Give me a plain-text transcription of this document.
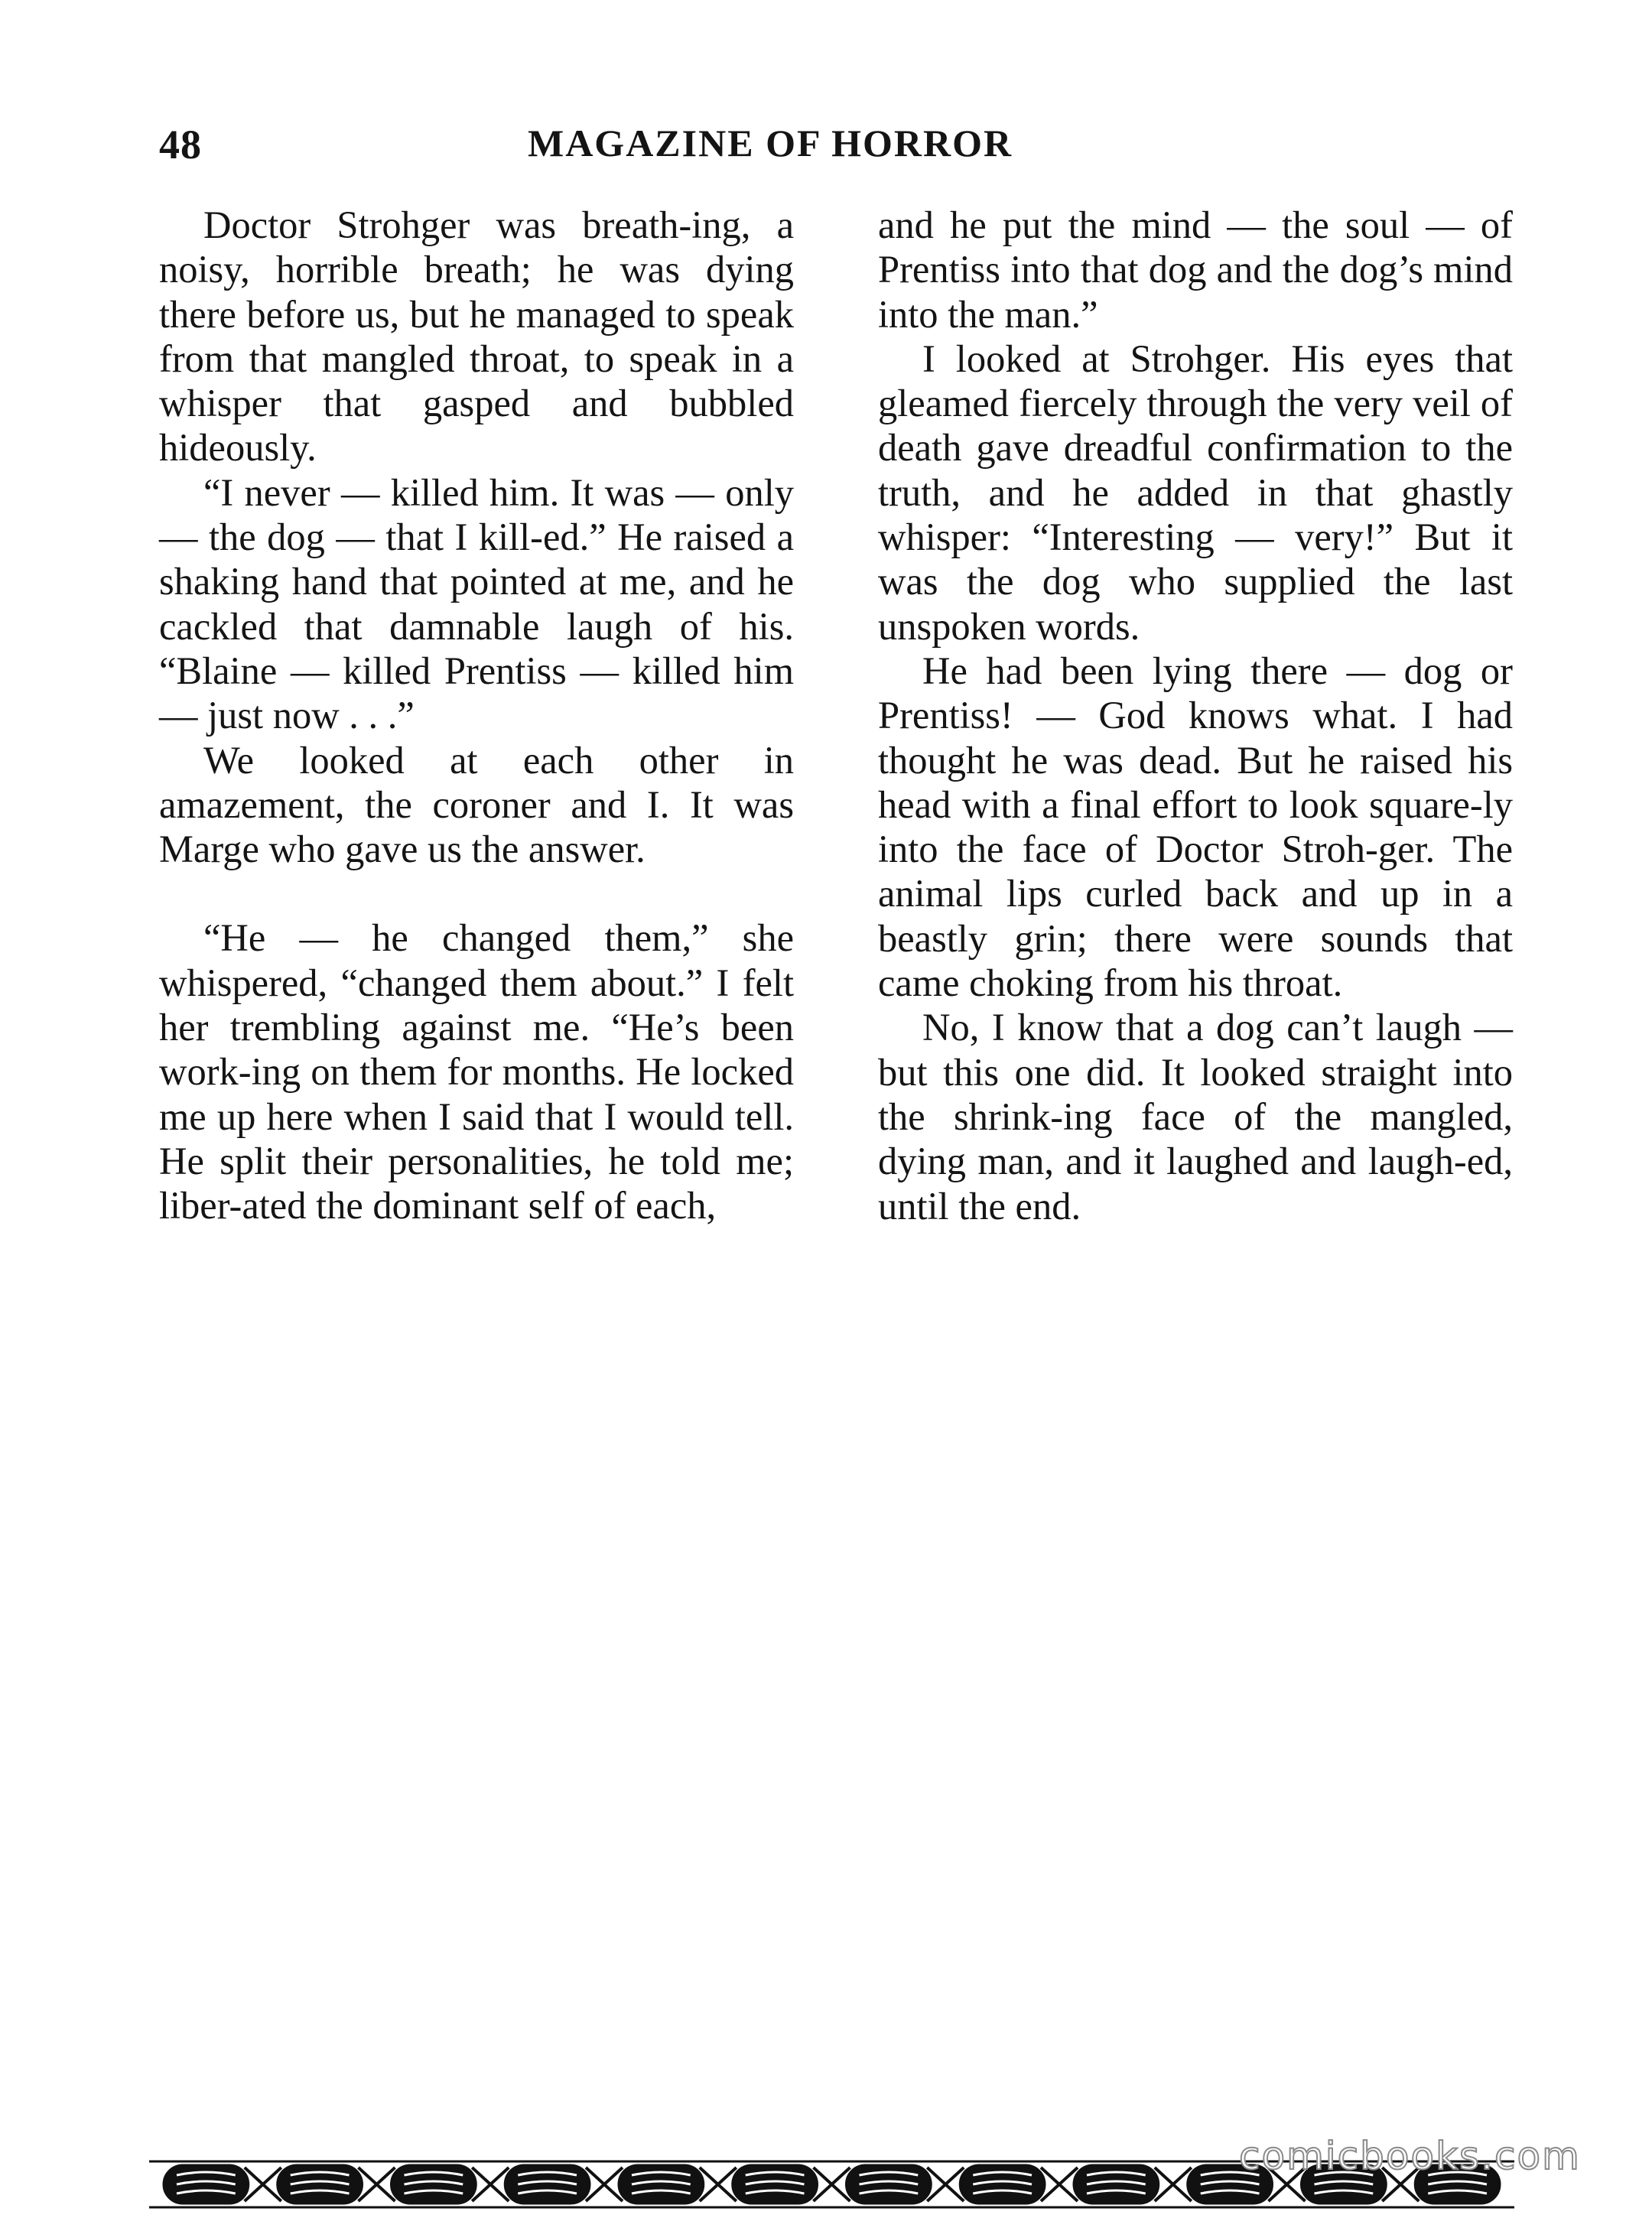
48	MAGAZINE OF HORROR

Doctor Strohger was breath-ing, a noisy, horrible breath; he was dying there before us, but he managed to speak from that mangled throat, to speak in a whisper that gasped and bubbled hideously.

“I never — killed him. It was — only — the dog — that I kill-ed.” He raised a shaking hand that pointed at me, and he cackled that damnable laugh of his. “Blaine — killed Prentiss — killed him — just now . . .”

We looked at each other in amazement, the coroner and I. It was Marge who gave us the answer.

“He — he changed them,” she whispered, “changed them about.” I felt her trembling against me. “He’s been work-ing on them for months. He locked me up here when I said that I would tell. He split their personalities, he told me; liber-ated the dominant self of each,

and he put the mind — the soul — of Prentiss into that dog and the dog’s mind into the man.”

I looked at Strohger. His eyes that gleamed fiercely through the very veil of death gave dreadful confirmation to the truth, and he added in that ghastly whisper: “Interesting — very!” But it was the dog who supplied the last unspoken words.

He had been lying there — dog or Prentiss! — God knows what. I had thought he was dead. But he raised his head with a final effort to look square-ly into the face of Doctor Stroh-ger. The animal lips curled back and up in a beastly grin; there were sounds that came choking from his throat.

No, I know that a dog can’t laugh — but this one did. It looked straight into the shrink-ing face of the mangled, dying man, and it laughed and laugh-ed, until the end.

comicbooks.com
